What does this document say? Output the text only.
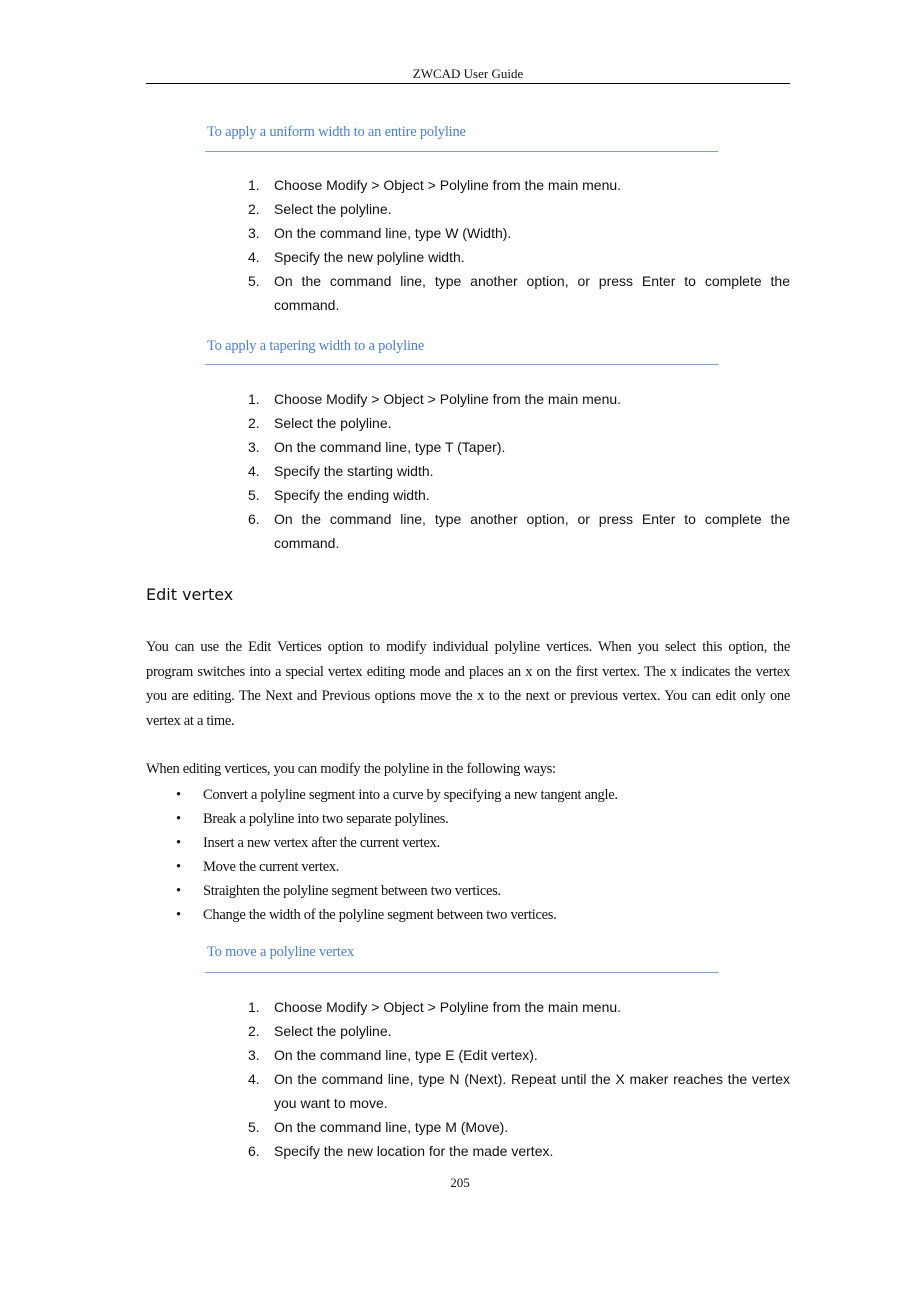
ZWCAD User Guide
To apply a uniform width to an entire polyline
1.	Choose Modify > Object > Polyline from the main menu.
2.	Select the polyline.
3.	On the command line, type W (Width).
4.	Specify the new polyline width.
5.	On the command line, type another option, or press Enter to complete the command.
To apply a tapering width to a polyline
1.	Choose Modify > Object > Polyline from the main menu.
2.	Select the polyline.
3.	On the command line, type T (Taper).
4.	Specify the starting width.
5.	Specify the ending width.
6.	On the command line, type another option, or press Enter to complete the command.
Edit vertex
You can use the Edit Vertices option to modify individual polyline vertices. When you select this option, the program switches into a special vertex editing mode and places an x on the first vertex. The x indicates the vertex you are editing. The Next and Previous options move the x to the next or previous vertex. You can edit only one vertex at a time.
When editing vertices, you can modify the polyline in the following ways:
•	Convert a polyline segment into a curve by specifying a new tangent angle.
•	Break a polyline into two separate polylines.
•	Insert a new vertex after the current vertex.
•	Move the current vertex.
•	Straighten the polyline segment between two vertices.
•	Change the width of the polyline segment between two vertices.
To move a polyline vertex
1.	Choose Modify > Object > Polyline from the main menu.
2.	Select the polyline.
3.	On the command line, type E (Edit vertex).
4.	On the command line, type N (Next). Repeat until the X maker reaches the vertex you want to move.
5.	On the command line, type M (Move).
6.	Specify the new location for the made vertex.
205
